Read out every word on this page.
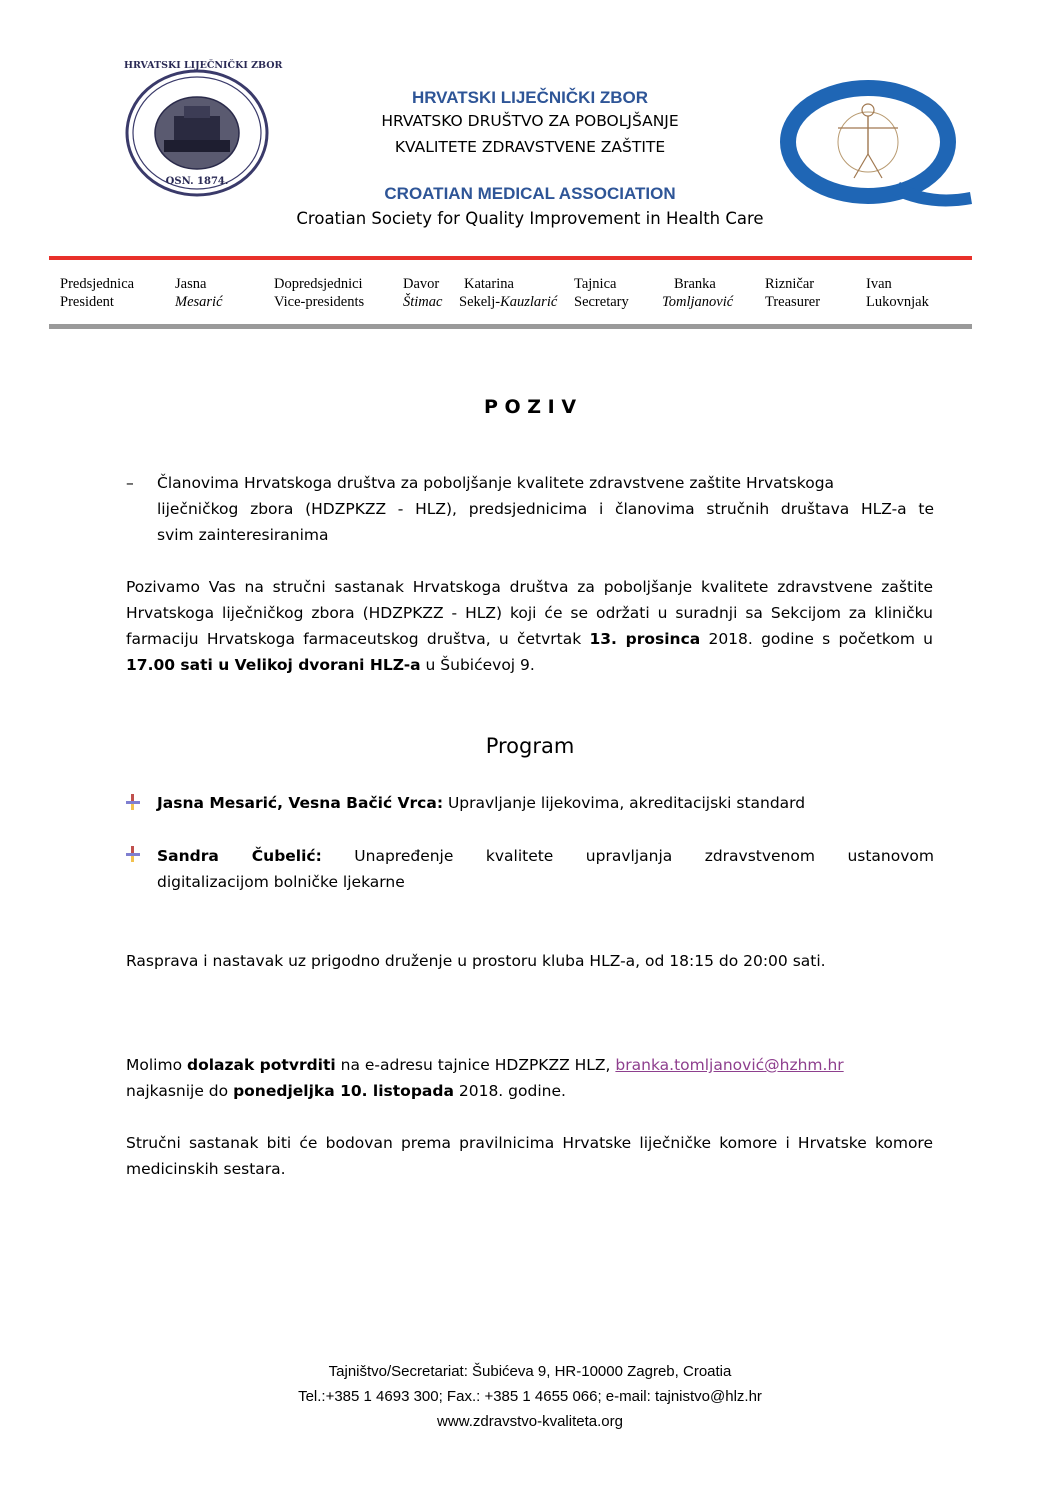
HRVATSKI LIJEČNIČKI ZBOR
OSN. 1874.
Q
HRVATSKI LIJEČNIČKI ZBOR
HRVATSKO DRUŠTVO ZA POBOLJŠANJE
KVALITETE ZDRAVSTVENE ZAŠTITE
CROATIAN MEDICAL ASSOCIATION
Croatian Society for Quality Improvement in Health Care
Predsjednica
President
Jasna
Mesarić
Dopredsjednici
Vice-presidents
Davor
Štimac
Katarina
Sekelj-Kauzlarić
Tajnica
Secretary
Branka
Tomljanović
Rizničar
Treasurer
Ivan
Lukovnjak
P O Z I V
– Članovima Hrvatskoga društva za poboljšanje kvalitete zdravstvene zaštite Hrvatskoga
liječničkog zbora (HDZPKZZ - HLZ), predsjednicima i članovima stručnih društava HLZ-a te
svim zainteresiranima
Pozivamo Vas na stručni sastanak Hrvatskoga društva za poboljšanje kvalitete zdravstvene zaštite Hrvatskoga liječničkog zbora (HDZPKZZ - HLZ) koji će se održati u suradnji sa Sekcijom za kliničku farmaciju Hrvatskoga farmaceutskog društva, u četvrtak 13. prosinca 2018. godine s početkom u 17.00 sati u Velikoj dvorani HLZ-a u Šubićevoj 9.
Program
Jasna Mesarić, Vesna Bačić Vrca: Upravljanje lijekovima, akreditacijski standard
Sandra Čubelić: Unapređenje kvalitete upravljanja zdravstvenom ustanovom
digitalizacijom bolničke ljekarne
Rasprava i nastavak uz prigodno druženje u prostoru kluba HLZ-a, od 18:15 do 20:00 sati.
Molimo dolazak potvrditi na e-adresu tajnice HDZPKZZ HLZ, branka.tomljanović@hzhm.hr
najkasnije do ponedjeljka 10. listopada 2018. godine.
Stručni sastanak biti će bodovan prema pravilnicima Hrvatske liječničke komore i Hrvatske komore medicinskih sestara.
Tajništvo/Secretariat: Šubićeva 9, HR-10000 Zagreb, Croatia
Tel.:+385 1 4693 300; Fax.: +385 1 4655 066; e-mail: tajnistvo@hlz.hr
www.zdravstvo-kvaliteta.org
